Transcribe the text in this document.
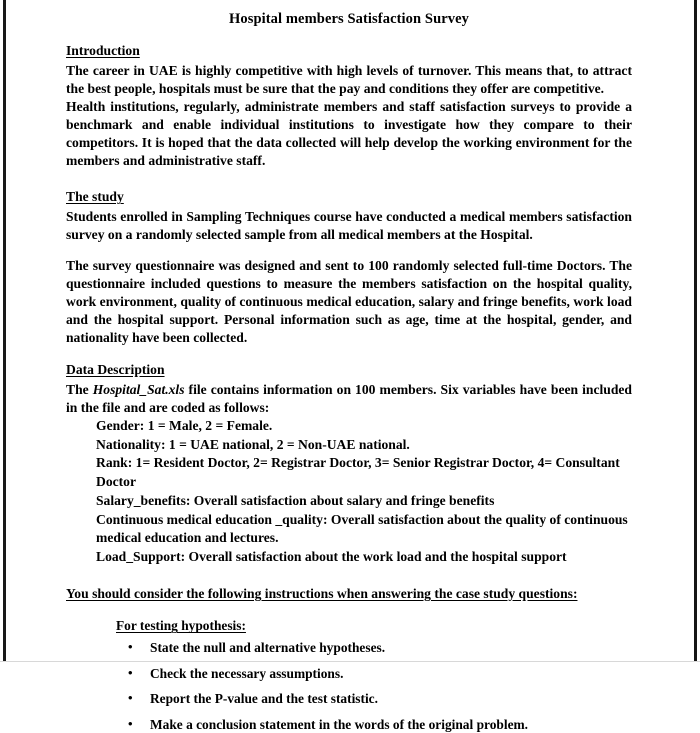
Hospital members Satisfaction Survey
Introduction

The career in UAE is highly competitive with high levels of turnover. This means that, to attract the best people, hospitals must be sure that the pay and conditions they offer are competitive.

Health institutions, regularly, administrate members and staff satisfaction surveys to provide a benchmark and enable individual institutions to investigate how they compare to their competitors. It is hoped that the data collected will help develop the working environment for the members and administrative staff.

The study

Students enrolled in Sampling Techniques course have conducted a medical members satisfaction survey on a randomly selected sample from all medical members at the Hospital.

The survey questionnaire was designed and sent to 100 randomly selected full-time Doctors. The questionnaire included questions to measure the members satisfaction on the hospital quality, work environment, quality of continuous medical education, salary and fringe benefits, work load and the hospital support. Personal information such as age, time at the hospital, gender, and nationality have been collected.

Data Description

The Hospital_Sat.xls file contains information on 100 members. Six variables have been included in the file and are coded as follows:

Gender: 1 = Male, 2 = Female.
Nationality: 1 = UAE national, 2 = Non-UAE national.
Rank: 1= Resident Doctor, 2= Registrar Doctor, 3= Senior Registrar Doctor, 4= Consultant Doctor
Salary_benefits: Overall satisfaction about salary and fringe benefits
Continuous medical education _quality: Overall satisfaction about the quality of continuous medical education and lectures.
Load_Support: Overall satisfaction about the work load and the hospital support
You should consider the following instructions when answering the case study questions:
For testing hypothesis:
• State the null and alternative hypotheses.
• Check the necessary assumptions.
• Report the P-value and the test statistic.
• Make a conclusion statement in the words of the original problem.
